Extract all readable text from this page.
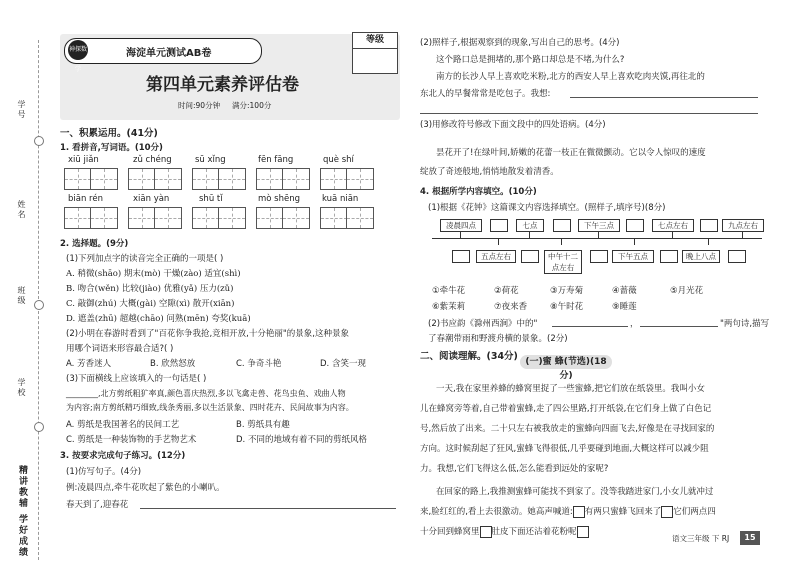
学号
姓名
班级
学校
精讲教辅 学好成绩
神探数学
海淀单元测试AB卷
等级
第四单元素养评估卷
时间:90分钟 满分:100分
一、积累运用。(41分)
1. 看拼音,写词语。(10分)
xiū jiǎn	zǔ chéng	sū xǐng	fēn fāng	què shí
biān rén	xiān yàn	shū tǐ	mò shēng	kuā niān
2. 选择题。(9分)
(1)下列加点字的读音完全正确的一项是( )
A. 稍微(shāo) 期末(mò) 干燥(zào) 适宜(shì)
B. 吻合(wěn) 比较(jiào) 优雅(yǎ) 压力(zǔ)
C. 敲御(zhú) 大概(gài) 空隙(xì) 散开(xiān)
D. 遮盖(zhū) 超越(chāo) 问熟(mēn) 夸奖(kuā)
(2)小明在春游时看到了"百花你争我抢,竞相开放,十分艳丽"的景象,这种景象
用哪个词语来形容最合适?( )
A. 芳香迷人	B. 欣然怒放	C. 争奇斗艳	D. 含笑一现
(3)下面横线上应该填入的一句话是( )
________,北方剪纸粗犷率真,颜色喜庆热烈,多以飞禽走兽、花鸟虫鱼、戏曲人物
为内容;南方剪纸精巧细致,线条秀丽,多以生活景象、四时花卉、民间故事为内容。
A. 剪纸是我国著名的民间工艺	B. 剪纸具有趣
C. 剪纸是一种装饰物的手艺物艺术	D. 不同的地域有着不同的剪纸风格
3. 按要求完成句子练习。(12分)
(1)仿写句子。(4分)
例:凌晨四点,牵牛花吹起了紫色的小喇叭。
春天到了,迎春花
(2)照样子,根据观察到的现象,写出自己的思考。(4分)
这个路口总是拥堵的,那个路口却总是不堵,为什么?
南方的长沙人早上喜欢吃米粉,北方的西安人早上喜欢吃肉夹馍,再往北的
东北人的早餐常常是吃包子。我想:
(3)用修改符号修改下面文段中的四处语病。(4分)
昙花开了!在绿叶间,娇嫩的花蕾一枝正在微微颤动。它以令人惊叹的速度
绽放了奇迹般地,悄悄地散发着清香。
4. 根据所学内容填空。(10分)
(1)根据《花钟》这篇课文内容选择填空。(照样子,填序号)(8分)
凌晨四点	七点	下午三点	七点左右	九点左右
五点左右	中午十二点左右
下午五点	晚上八点
①牵牛花	②荷花	③万寿菊	④蔷薇	⑤月光花
⑥紫茉莉	⑦夜来香	⑧午时花	⑨睡莲
(2)书应韵《滁州西涧》中的"	，	"两句诗,描写
了春潮带雨和野渡舟横的景象。(2分)
二、阅读理解。(34分) (一)蜜 蜂(节选)(18分)
一天,我在家里养蜂的蜂窝里捉了一些蜜蜂,把它们放在纸袋里。我叫小女
儿在蜂窝旁等着,自己带着蜜蜂,走了四公里路,打开纸袋,在它们身上做了白色记
号,然后放了出来。二十只左右被我放走的蜜蜂向四面飞去,好像是在寻找回家的
方向。这时候刮起了狂风,蜜蜂飞得很低,几乎要碰到地面,大概这样可以减少阻
力。我想,它们飞得这么低,怎么能看到远处的家呢?
在回家的路上,我推测蜜蜂可能找不到家了。没等我踏进家门,小女儿就冲过
来,脸红红的,看上去很激动。她高声喊道: 有两只蜜蜂飞回来了 它们两点四
十分回到蜂窝里 肚皮下面还沾着花粉呢
语文三年级 下 RJ	15
